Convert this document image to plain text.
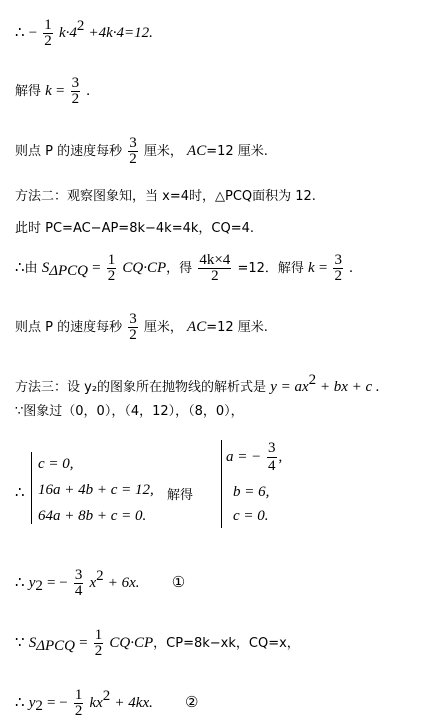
∴ − $\frac{1}{2} k\cdot 4^2 +4k\cdot 4=12$.
解得 $k = \frac{3}{2}$ .
则点 P 的速度每秒 $\frac{3}{2}$ 厘米， AC=12 厘米.
方法二：观察图象知，当 x=4时，△PCQ面积为 12.
此时 PC=AC−AP=8k−4k=4k，CQ=4.
∴由 $S_{\Delta PCQ} = \frac{1}{2} CQ\cdot CP$，得 $\frac{4k\times 4}{2} =12$．解得 $k = \frac{3}{2}$ .
则点 P 的速度每秒 $\frac{3}{2}$ 厘米， AC=12 厘米.
方法三：设 y₂的图象所在抛物线的解析式是 $y = ax^2$ + bx + c .
∵图象过（0，0），（4，12），（8，0），
∴
c = 0,
16a + 4b + c = 12,
64a + 8b + c = 0.
解得
a = − $\frac{3}{4}$ ,
b = 6,
c = 0.
∴ $y_2$ = − $\frac{3}{4} x^2 + 6x$. ①
∵ $S_{\Delta PCQ} = \frac{1}{2} CQ\cdot CP$，CP=8k−xk，CQ=x，
∴ $y_2$ = − $\frac{1}{2} kx^2 + 4kx$. ②
